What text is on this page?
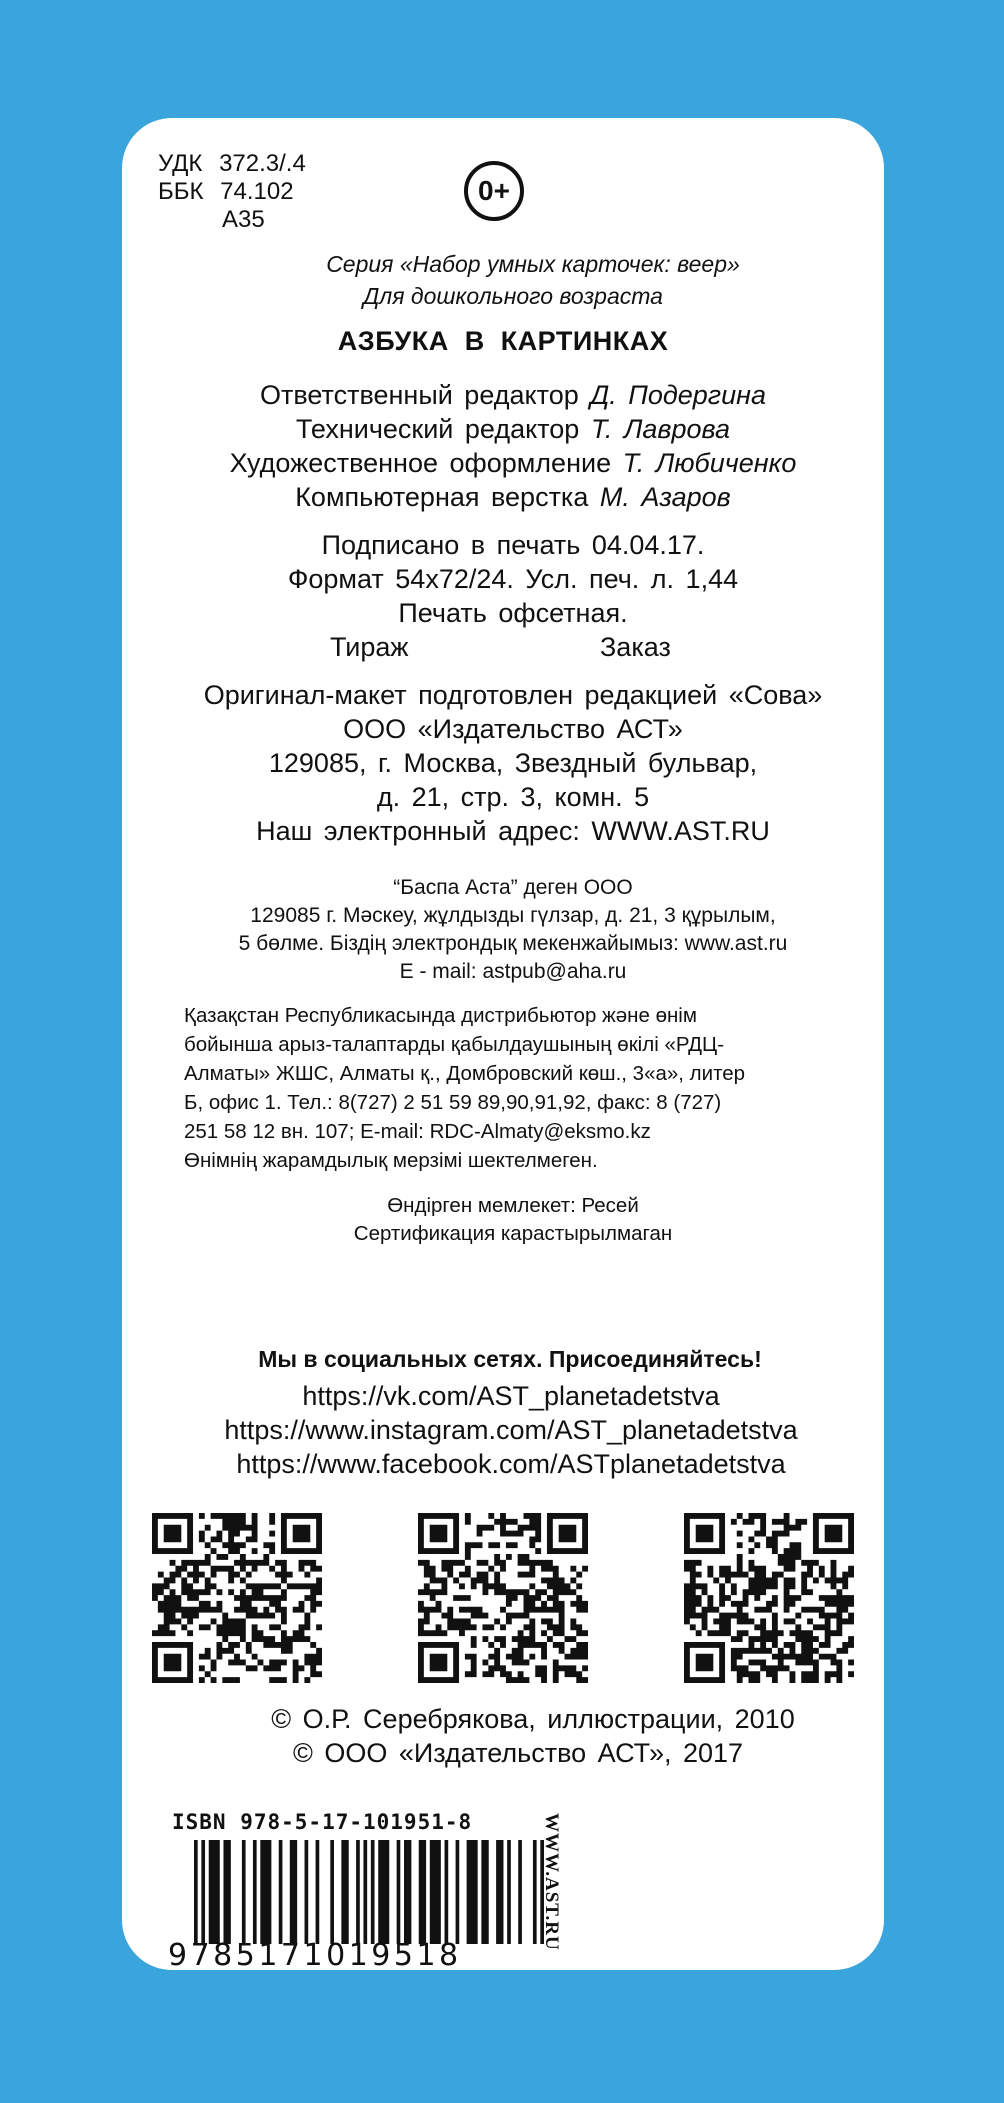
УДК 372.3/.4
ББК 74.102
А35
0+
Серия «Набор умных карточек: веер»
Для дошкольного возраста
АЗБУКА В КАРТИНКАХ
Ответственный редактор Д. Подергина
Технический редактор Т. Лаврова
Художественное оформление Т. Любиченко
Компьютерная верстка М. Азаров
Подписано в печать 04.04.17.
Формат 54x72/24. Усл. печ. л. 1,44
Печать офсетная.
Тираж	Заказ
Оригинал-макет подготовлен редакцией «Сова»
ООО «Издательство АСТ»
129085, г. Москва, Звездный бульвар,
д. 21, стр. 3, комн. 5
Наш электронный адрес: WWW.AST.RU
“Баспа Аста” деген ООО
129085 г. Мәскеу, жұлдызды гүлзар, д. 21, 3 құрылым,
5 бөлме. Біздің электрондық мекенжайымыз: www.ast.ru
E - mail: astpub@aha.ru
Қазақстан Республикасында дистрибьютор және өнім
бойынша арыз-талаптарды қабылдаушының өкілі «РДЦ-
Алматы» ЖШС, Алматы қ., Домбровский көш., 3«а», литер
Б, офис 1. Тел.: 8(727) 2 51 59 89,90,91,92, факс: 8 (727)
251 58 12 вн. 107; E-mail: RDC-Almaty@eksmo.kz
Өнімнің жарамдылық мерзімі шектелмеген.
Өндірген мемлекет: Ресей
Сертификация карастырылмаган
Мы в социальных сетях. Присоединяйтесь!
https://vk.com/AST_planetadetstva
https://www.instagram.com/AST_planetadetstva
https://www.facebook.com/ASTplanetadetstva
© О.Р. Серебрякова, иллюстрации, 2010
© ООО «Издательство АСТ», 2017
ISBN 978-5-17-101951-8
9785171019518
WWW.AST.RU
